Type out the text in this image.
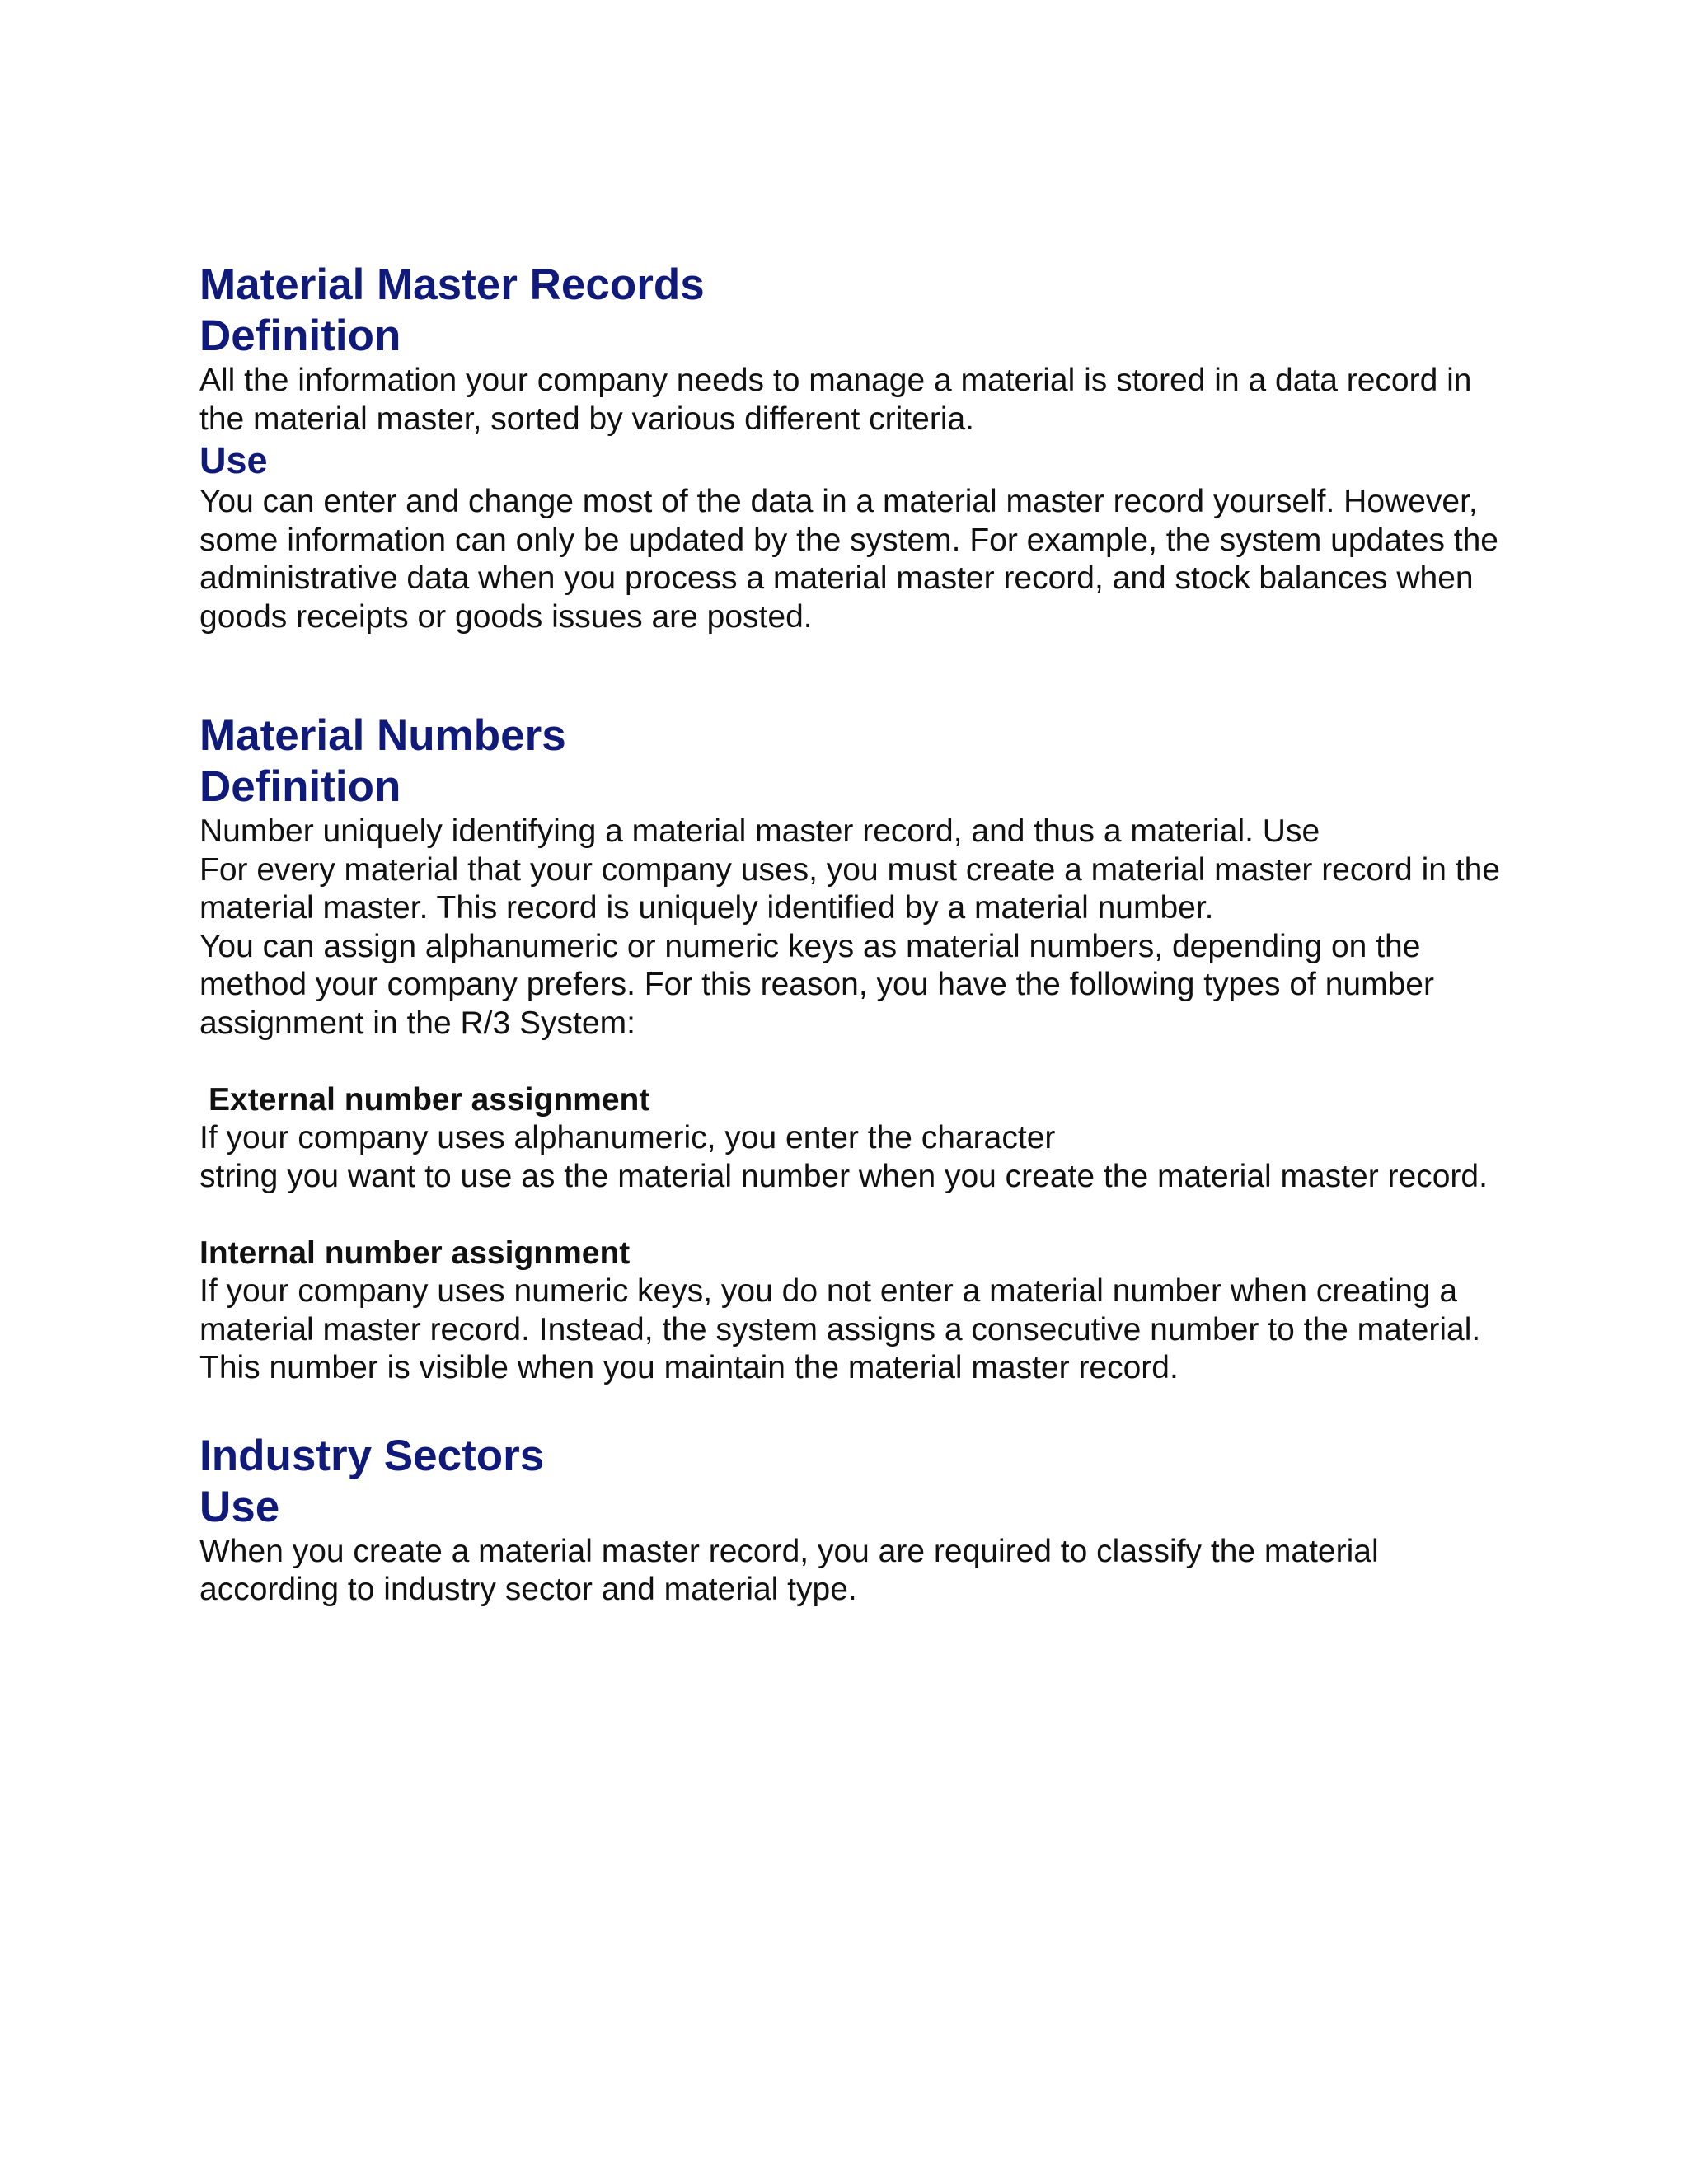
Material Master Records
Definition

All the information your company needs to manage a material is stored in a data record in the material master, sorted by various different criteria.

Use

You can enter and change most of the data in a material master record yourself. However, some information can only be updated by the system. For example, the system updates the administrative data when you process a material master record, and stock balances when goods receipts or goods issues are posted.

Material Numbers
Definition

Number uniquely identifying a material master record, and thus a material. Use

For every material that your company uses, you must create a material master record in the material master. This record is uniquely identified by a material number.

You can assign alphanumeric or numeric keys as material numbers, depending on the method your company prefers. For this reason, you have the following types of number assignment in the R/3 System:

External number assignment

If your company uses alphanumeric, you enter the character

string you want to use as the material number when you create the material master record.

Internal number assignment

If your company uses numeric keys, you do not enter a material number when creating a material master record. Instead, the system assigns a consecutive number to the material. This number is visible when you maintain the material master record.

Industry Sectors
Use

When you create a material master record, you are required to classify the material according to industry sector and material type.
